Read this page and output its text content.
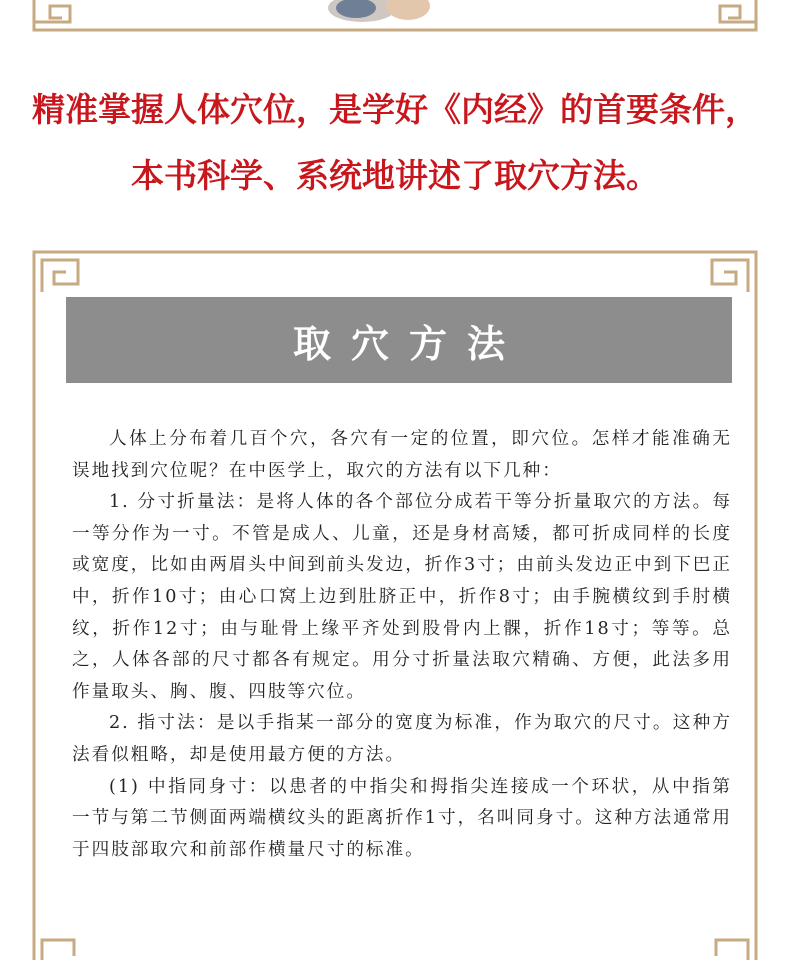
精准掌握人体穴位，是学好《内经》的首要条件，
本书科学、系统地讲述了取穴方法。
取穴方法

人体上分布着几百个穴，各穴有一定的位置，即穴位。怎样才能准确无误地找到穴位呢？在中医学上，取穴的方法有以下几种：

1. 分寸折量法：是将人体的各个部位分成若干等分折量取穴的方法。每一等分作为一寸。不管是成人、儿童，还是身材高矮，都可折成同样的长度或宽度，比如由两眉头中间到前头发边，折作3寸；由前头发边正中到下巴正中，折作10寸；由心口窝上边到肚脐正中，折作8寸；由手腕横纹到手肘横纹，折作12寸；由与耻骨上缘平齐处到股骨内上髁，折作18寸；等等。总之，人体各部的尺寸都各有规定。用分寸折量法取穴精确、方便，此法多用作量取头、胸、腹、四肢等穴位。

2. 指寸法：是以手指某一部分的宽度为标准，作为取穴的尺寸。这种方法看似粗略，却是使用最方便的方法。

(1) 中指同身寸：以患者的中指尖和拇指尖连接成一个环状，从中指第一节与第二节侧面两端横纹头的距离折作1寸，名叫同身寸。这种方法通常用于四肢部取穴和前部作横量尺寸的标准。
